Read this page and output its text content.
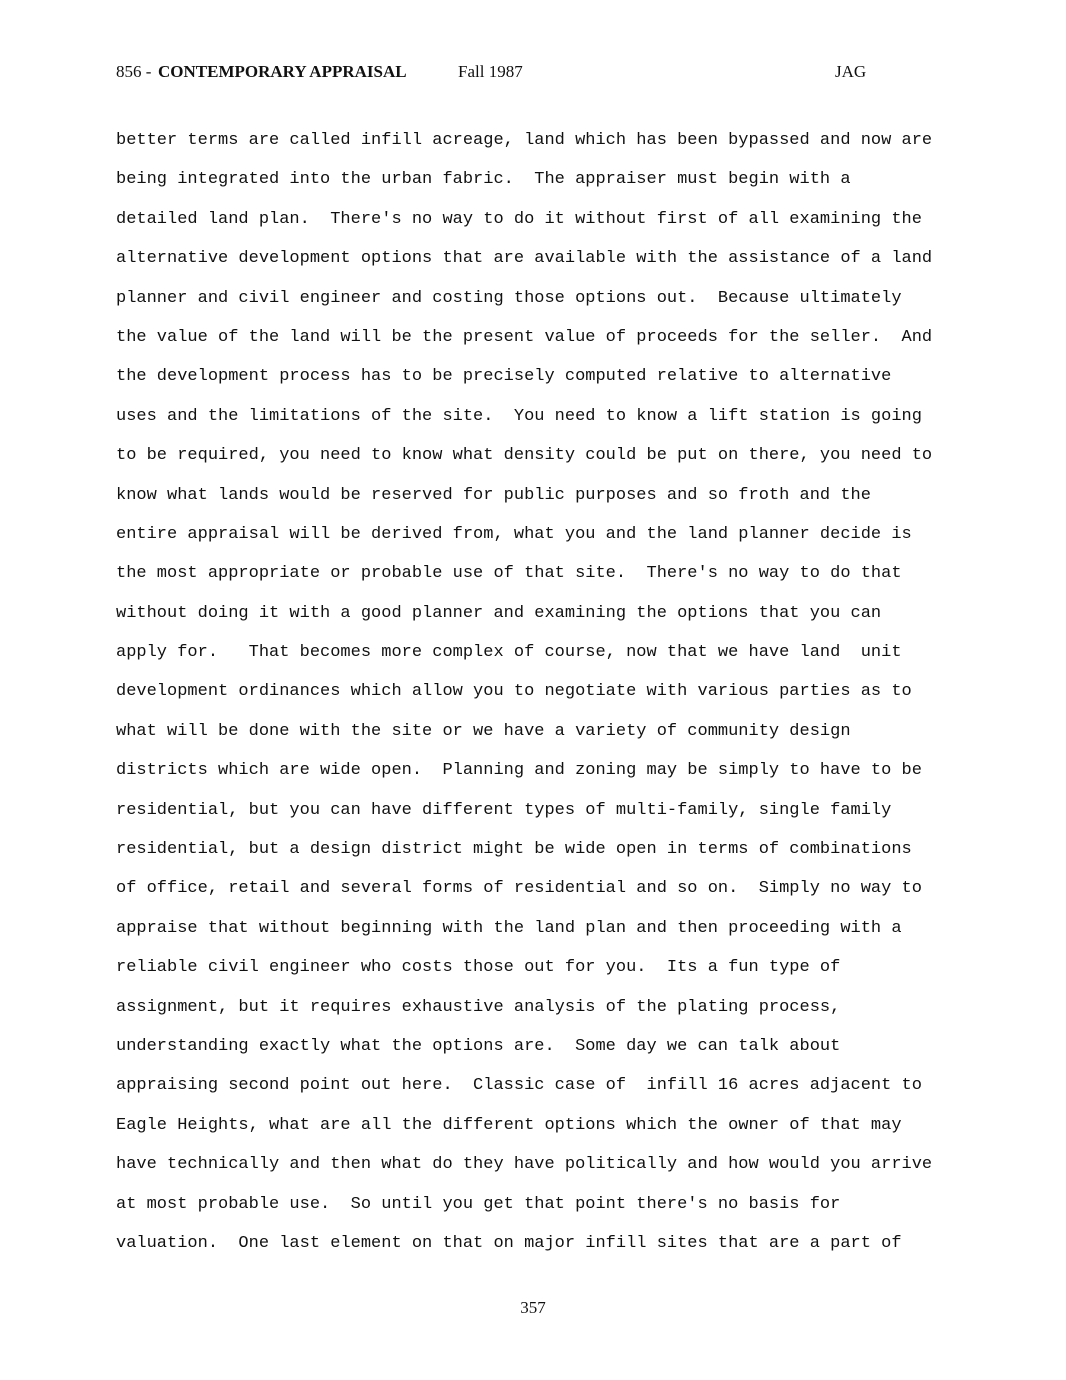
856 - CONTEMPORARY APPRAISAL	Fall 1987	JAG
better terms are called infill acreage, land which has been bypassed and now are
being integrated into the urban fabric.  The appraiser must begin with a
detailed land plan.  There's no way to do it without first of all examining the
alternative development options that are available with the assistance of a land
planner and civil engineer and costing those options out.  Because ultimately
the value of the land will be the present value of proceeds for the seller.  And
the development process has to be precisely computed relative to alternative
uses and the limitations of the site.  You need to know a lift station is going
to be required, you need to know what density could be put on there, you need to
know what lands would be reserved for public purposes and so froth and the
entire appraisal will be derived from, what you and the land planner decide is
the most appropriate or probable use of that site.  There's no way to do that
without doing it with a good planner and examining the options that you can
apply for.   That becomes more complex of course, now that we have land  unit
development ordinances which allow you to negotiate with various parties as to
what will be done with the site or we have a variety of community design
districts which are wide open.  Planning and zoning may be simply to have to be
residential, but you can have different types of multi-family, single family
residential, but a design district might be wide open in terms of combinations
of office, retail and several forms of residential and so on.  Simply no way to
appraise that without beginning with the land plan and then proceeding with a
reliable civil engineer who costs those out for you.  Its a fun type of
assignment, but it requires exhaustive analysis of the plating process,
understanding exactly what the options are.  Some day we can talk about
appraising second point out here.  Classic case of  infill 16 acres adjacent to
Eagle Heights, what are all the different options which the owner of that may
have technically and then what do they have politically and how would you arrive
at most probable use.  So until you get that point there's no basis for
valuation.  One last element on that on major infill sites that are a part of
357
